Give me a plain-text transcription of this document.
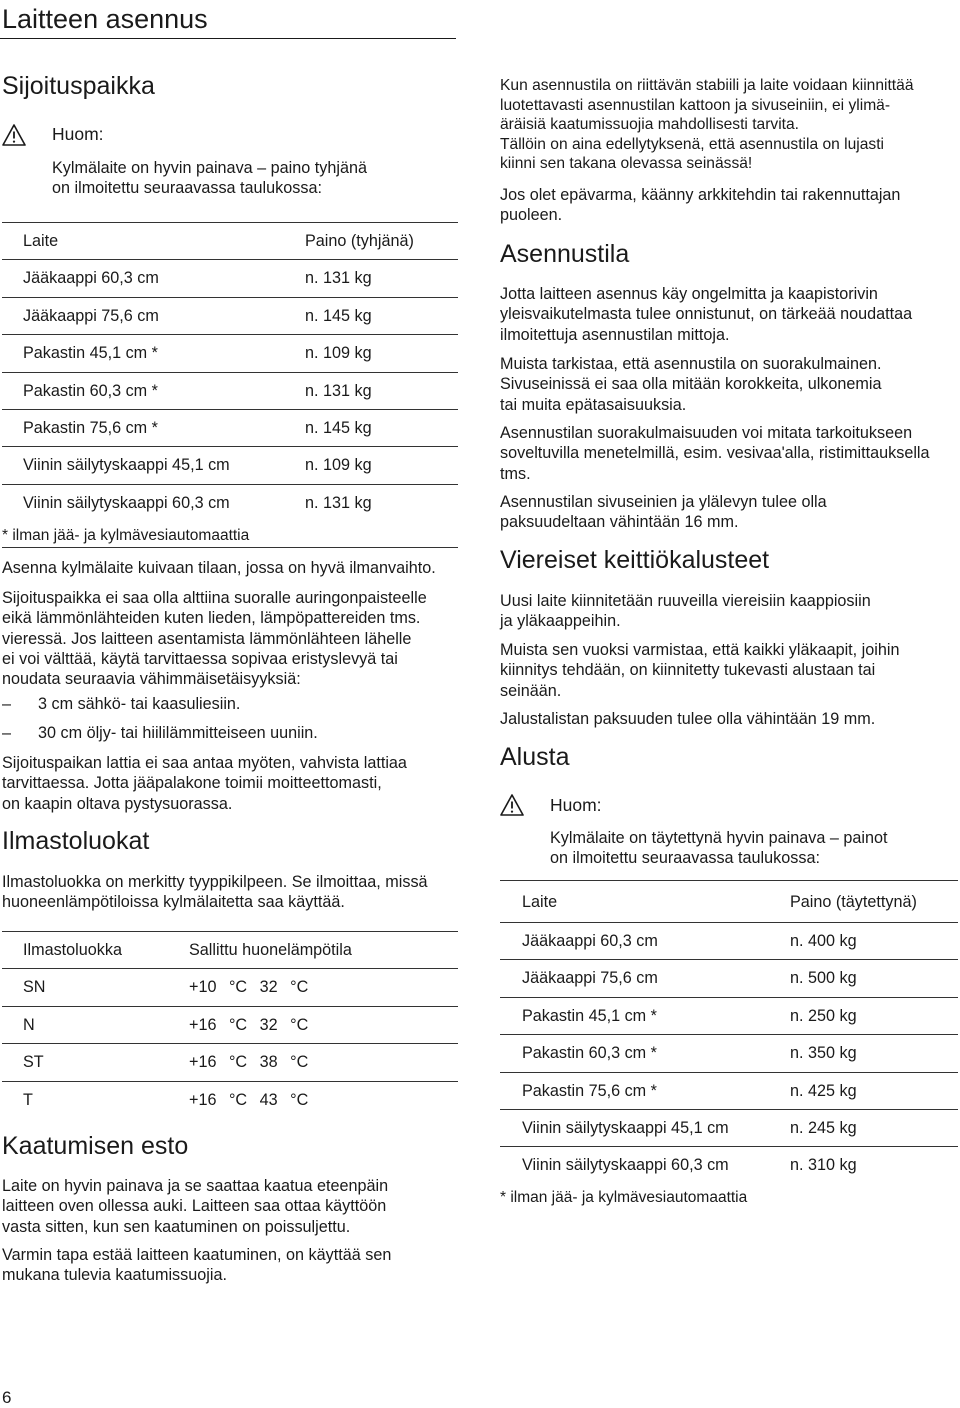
Laitteen asennus
Sijoituspaikka
Huom:

Kylmälaite on hyvin painava – paino tyhjänä
on ilmoitettu seuraavassa taulukossa:

Laite	Paino (tyhjänä)
Jääkaappi 60,3 cm	n. 131 kg
Jääkaappi 75,6 cm	n. 145 kg
Pakastin 45,1 cm *	n. 109 kg
Pakastin 60,3 cm *	n. 131 kg
Pakastin 75,6 cm *	n. 145 kg
Viinin säilytyskaappi 45,1 cm	n. 109 kg
Viinin säilytyskaappi 60,3 cm	n. 131 kg

* ilman jää- ja kylmävesiautomaattia

Asenna kylmälaite kuivaan tilaan, jossa on hyvä ilmanvaihto.

Sijoituspaikka ei saa olla alttiina suoralle auringonpaisteelle
eikä lämmönlähteiden kuten lieden, lämpöpattereiden tms.
vieressä. Jos laitteen asentamista lämmönlähteen lähelle
ei voi välttää, käytä tarvittaessa sopivaa eristyslevyä tai
noudata seuraavia vähimmäisetäisyyksiä:

– 3 cm sähkö- tai kaasuliesiin.
– 30 cm öljy- tai hiililämmitteiseen uuniin.

Sijoituspaikan lattia ei saa antaa myöten, vahvista lattiaa
tarvittaessa. Jotta jääpalakone toimii moitteettomasti,
on kaapin oltava pystysuorassa.

Ilmastoluokat

Ilmastoluokka on merkitty tyyppikilpeen. Se ilmoittaa, missä
huoneenlämpötiloissa kylmälaitetta saa käyttää.

Ilmastoluokka	Sallittu huonelämpötila
SN	+10 °C 32 °C
N	+16 °C 32 °C
ST	+16 °C 38 °C
T	+16 °C 43 °C
Kaatumisen esto

Laite on hyvin painava ja se saattaa kaatua eteenpäin
laitteen oven ollessa auki. Laitteen saa ottaa käyttöön
vasta sitten, kun sen kaatuminen on poissuljettu.

Varmin tapa estää laitteen kaatuminen, on käyttää sen
mukana tulevia kaatumissuojia.

Kun asennustila on riittävän stabiili ja laite voidaan kiinnittää
luotettavasti asennustilan kattoon ja sivuseiniin, ei ylimä-
äräisiä kaatumissuojia mahdollisesti tarvita.
Tällöin on aina edellytyksenä, että asennustila on lujasti
kiinni sen takana olevassa seinässä!

Jos olet epävarma, käänny arkkitehdin tai rakennuttajan
puoleen.

Asennustila

Jotta laitteen asennus käy ongelmitta ja kaapistorivin
yleisvaikutelmasta tulee onnistunut, on tärkeää noudattaa
ilmoitettuja asennustilan mittoja.

Muista tarkistaa, että asennustila on suorakulmainen.
Sivuseinissä ei saa olla mitään korokkeita, ulkonemia
tai muita epätasaisuuksia.

Asennustilan suorakulmaisuuden voi mitata tarkoitukseen
soveltuvilla menetelmillä, esim. vesivaa'alla, ristimittauksella
tms.

Asennustilan sivuseinien ja ylälevyn tulee olla
paksuudeltaan vähintään 16 mm.

Viereiset keittiökalusteet

Uusi laite kiinnitetään ruuveilla viereisiin kaappiosiin
ja yläkaappeihin.

Muista sen vuoksi varmistaa, että kaikki yläkaapit, joihin
kiinnitys tehdään, on kiinnitetty tukevasti alustaan tai
seinään.

Jalustalistan paksuuden tulee olla vähintään 19 mm.

Alusta
Huom:

Kylmälaite on täytettynä hyvin painava – painot
on ilmoitettu seuraavassa taulukossa:

Laite	Paino (täytettynä)
Jääkaappi 60,3 cm	n. 400 kg
Jääkaappi 75,6 cm	n. 500 kg
Pakastin 45,1 cm *	n. 250 kg
Pakastin 60,3 cm *	n. 350 kg
Pakastin 75,6 cm *	n. 425 kg
Viinin säilytyskaappi 45,1 cm	n. 245 kg
Viinin säilytyskaappi 60,3 cm	n. 310 kg

* ilman jää- ja kylmävesiautomaattia

6
